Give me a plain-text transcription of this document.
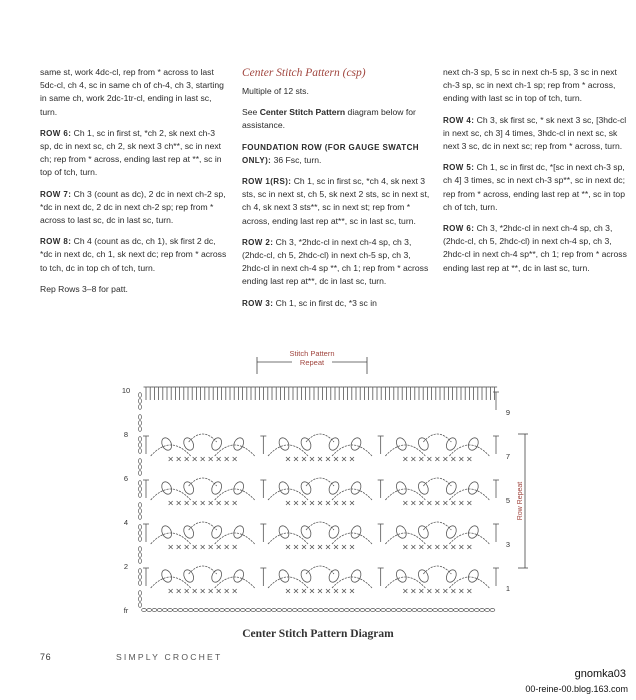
same st, work 4dc-cl, rep from * across to last 5dc-cl, ch 4, sc in same ch of ch-4, ch 3, starting in same ch, work 2dc-1tr-cl, ending in last sc, turn.

ROW 6: Ch 1, sc in first st, *ch 2, sk next ch-3 sp, dc in next sc, ch 2, sk next 3 ch**, sc in next ch; rep from * across, ending last rep at **, sc in top of tch, turn.

ROW 7: Ch 3 (count as dc), 2 dc in next ch-2 sp, *dc in next dc, 2 dc in next ch-2 sp; rep from * across to last sc, dc in last sc, turn.

ROW 8: Ch 4 (count as dc, ch 1), sk first 2 dc, *dc in next dc, ch 1, sk next dc; rep from * across to tch, dc in top ch of tch, turn.

Rep Rows 3–8 for patt.

Center Stitch Pattern (csp)

Multiple of 12 sts.

See Center Stitch Pattern diagram below for assistance.

FOUNDATION ROW (FOR GAUGE SWATCH ONLY): 36 Fsc, turn.

ROW 1(RS): Ch 1, sc in first sc, *ch 4, sk next 3 sts, sc in next st, ch 5, sk next 2 sts, sc in next st, ch 4, sk next 3 sts**, sc in next st; rep from * across, ending last rep at**, sc in last sc, turn.

ROW 2: Ch 3, *2hdc-cl in next ch-4 sp, ch 3, (2hdc-cl, ch 5, 2hdc-cl) in next ch-5 sp, ch 3, 2hdc-cl in next ch-4 sp **, ch 1; rep from * across ending last rep at**, dc in last sc, turn.

ROW 3: Ch 1, sc in first dc, *3 sc in

next ch-3 sp, 5 sc in next ch-5 sp, 3 sc in next ch-3 sp, sc in next ch-1 sp; rep from * across, ending with last sc in top of tch, turn.

ROW 4: Ch 3, sk first sc, * sk next 3 sc, [3hdc-cl in next sc, ch 3] 4 times, 3hdc-cl in next sc, sk next 3 sc, dc in next sc; rep from * across, turn.

ROW 5: Ch 1, sc in first dc, *[sc in next ch-3 sp, ch 4] 3 times, sc in next ch-3 sp**, sc in next dc; rep from * across, ending last rep at **, sc in top ch of tch, turn.

ROW 6: Ch 3, *2hdc-cl in next ch-4 sp, ch 3, (2hdc-cl, ch 5, 2hdc-cl) in next ch-4 sp, ch 3, 2hdc-cl in next ch-4 sp**, ch 1; rep from * across ending last rep at **, dc in last sc, turn.

Stitch Pattern
Repeat
Row Repeat
10
8
6
4
2
fr
9
7
5
3
1
Center Stitch Pattern Diagram
76	SIMPLY CROCHET
gnomka03
00-reine-00.blog.163.com
